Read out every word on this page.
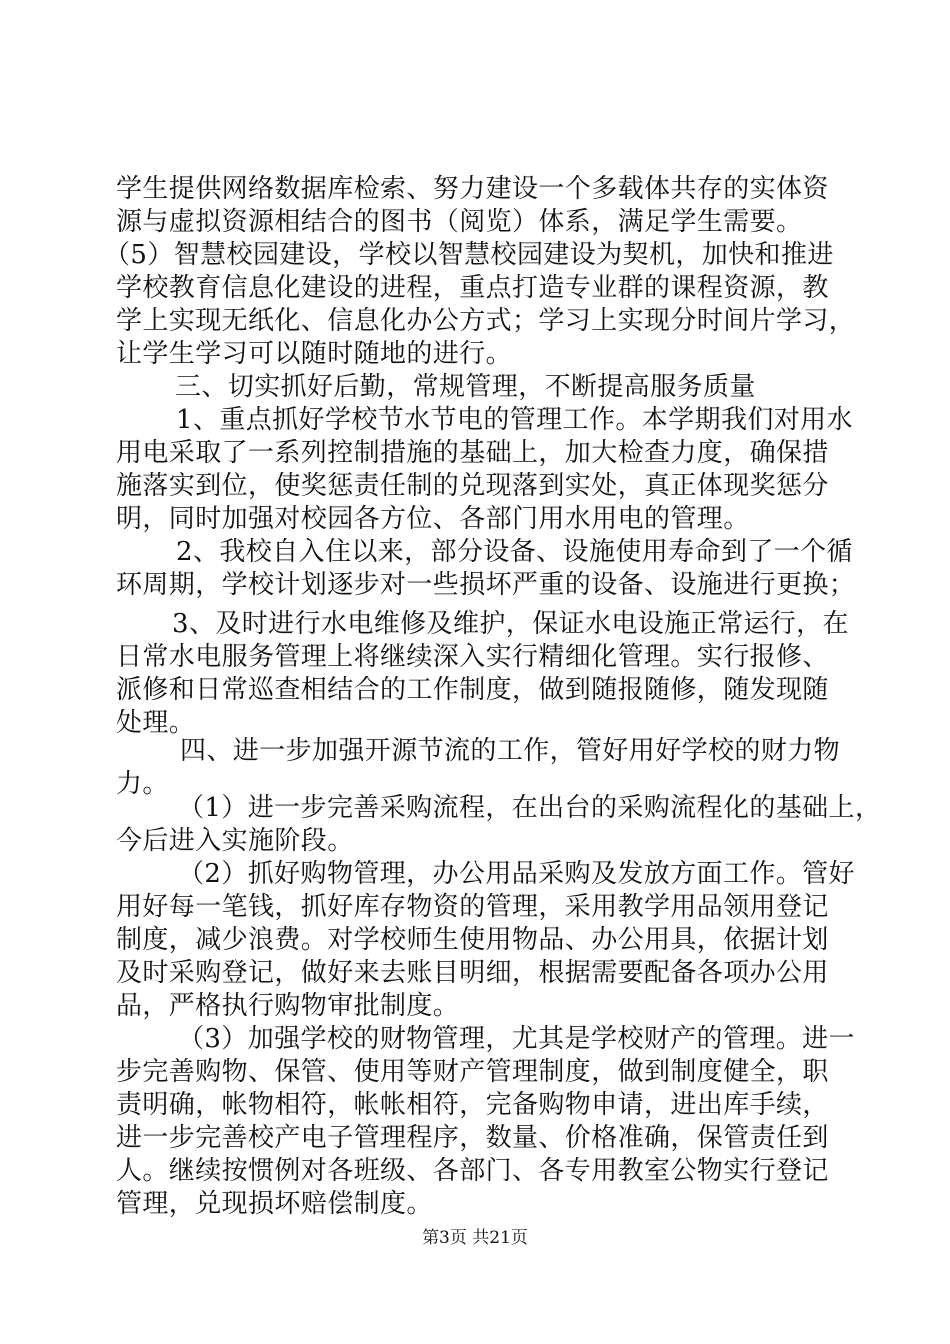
学生提供网络数据库检索、努力建设一个多载体共存的实体资
源与虚拟资源相结合的图书（阅览）体系，满足学生需要。
（5）智慧校园建设，学校以智慧校园建设为契机，加快和推进
学校教育信息化建设的进程，重点打造专业群的课程资源，教
学上实现无纸化、信息化办公方式；学习上实现分时间片学习，
让学生学习可以随时随地的进行。
三、切实抓好后勤，常规管理，不断提高服务质量
1、重点抓好学校节水节电的管理工作。本学期我们对用水
用电采取了一系列控制措施的基础上，加大检查力度，确保措
施落实到位，使奖惩责任制的兑现落到实处，真正体现奖惩分
明，同时加强对校园各方位、各部门用水用电的管理。
2、我校自入住以来，部分设备、设施使用寿命到了一个循
环周期，学校计划逐步对一些损坏严重的设备、设施进行更换；
3、及时进行水电维修及维护，保证水电设施正常运行，在
日常水电服务管理上将继续深入实行精细化管理。实行报修、
派修和日常巡查相结合的工作制度，做到随报随修，随发现随
处理。
四、进一步加强开源节流的工作，管好用好学校的财力物
力。
（1）进一步完善采购流程，在出台的采购流程化的基础上，
今后进入实施阶段。
（2）抓好购物管理，办公用品采购及发放方面工作。管好
用好每一笔钱，抓好库存物资的管理，采用教学用品领用登记
制度，减少浪费。对学校师生使用物品、办公用具，依据计划
及时采购登记，做好来去账目明细，根据需要配备各项办公用
品，严格执行购物审批制度。
（3）加强学校的财物管理，尤其是学校财产的管理。进一
步完善购物、保管、使用等财产管理制度，做到制度健全，职
责明确，帐物相符，帐帐相符，完备购物申请，进出库手续，
进一步完善校产电子管理程序，数量、价格准确，保管责任到
人。继续按惯例对各班级、各部门、各专用教室公物实行登记
管理，兑现损坏赔偿制度。
第3页 共21页
